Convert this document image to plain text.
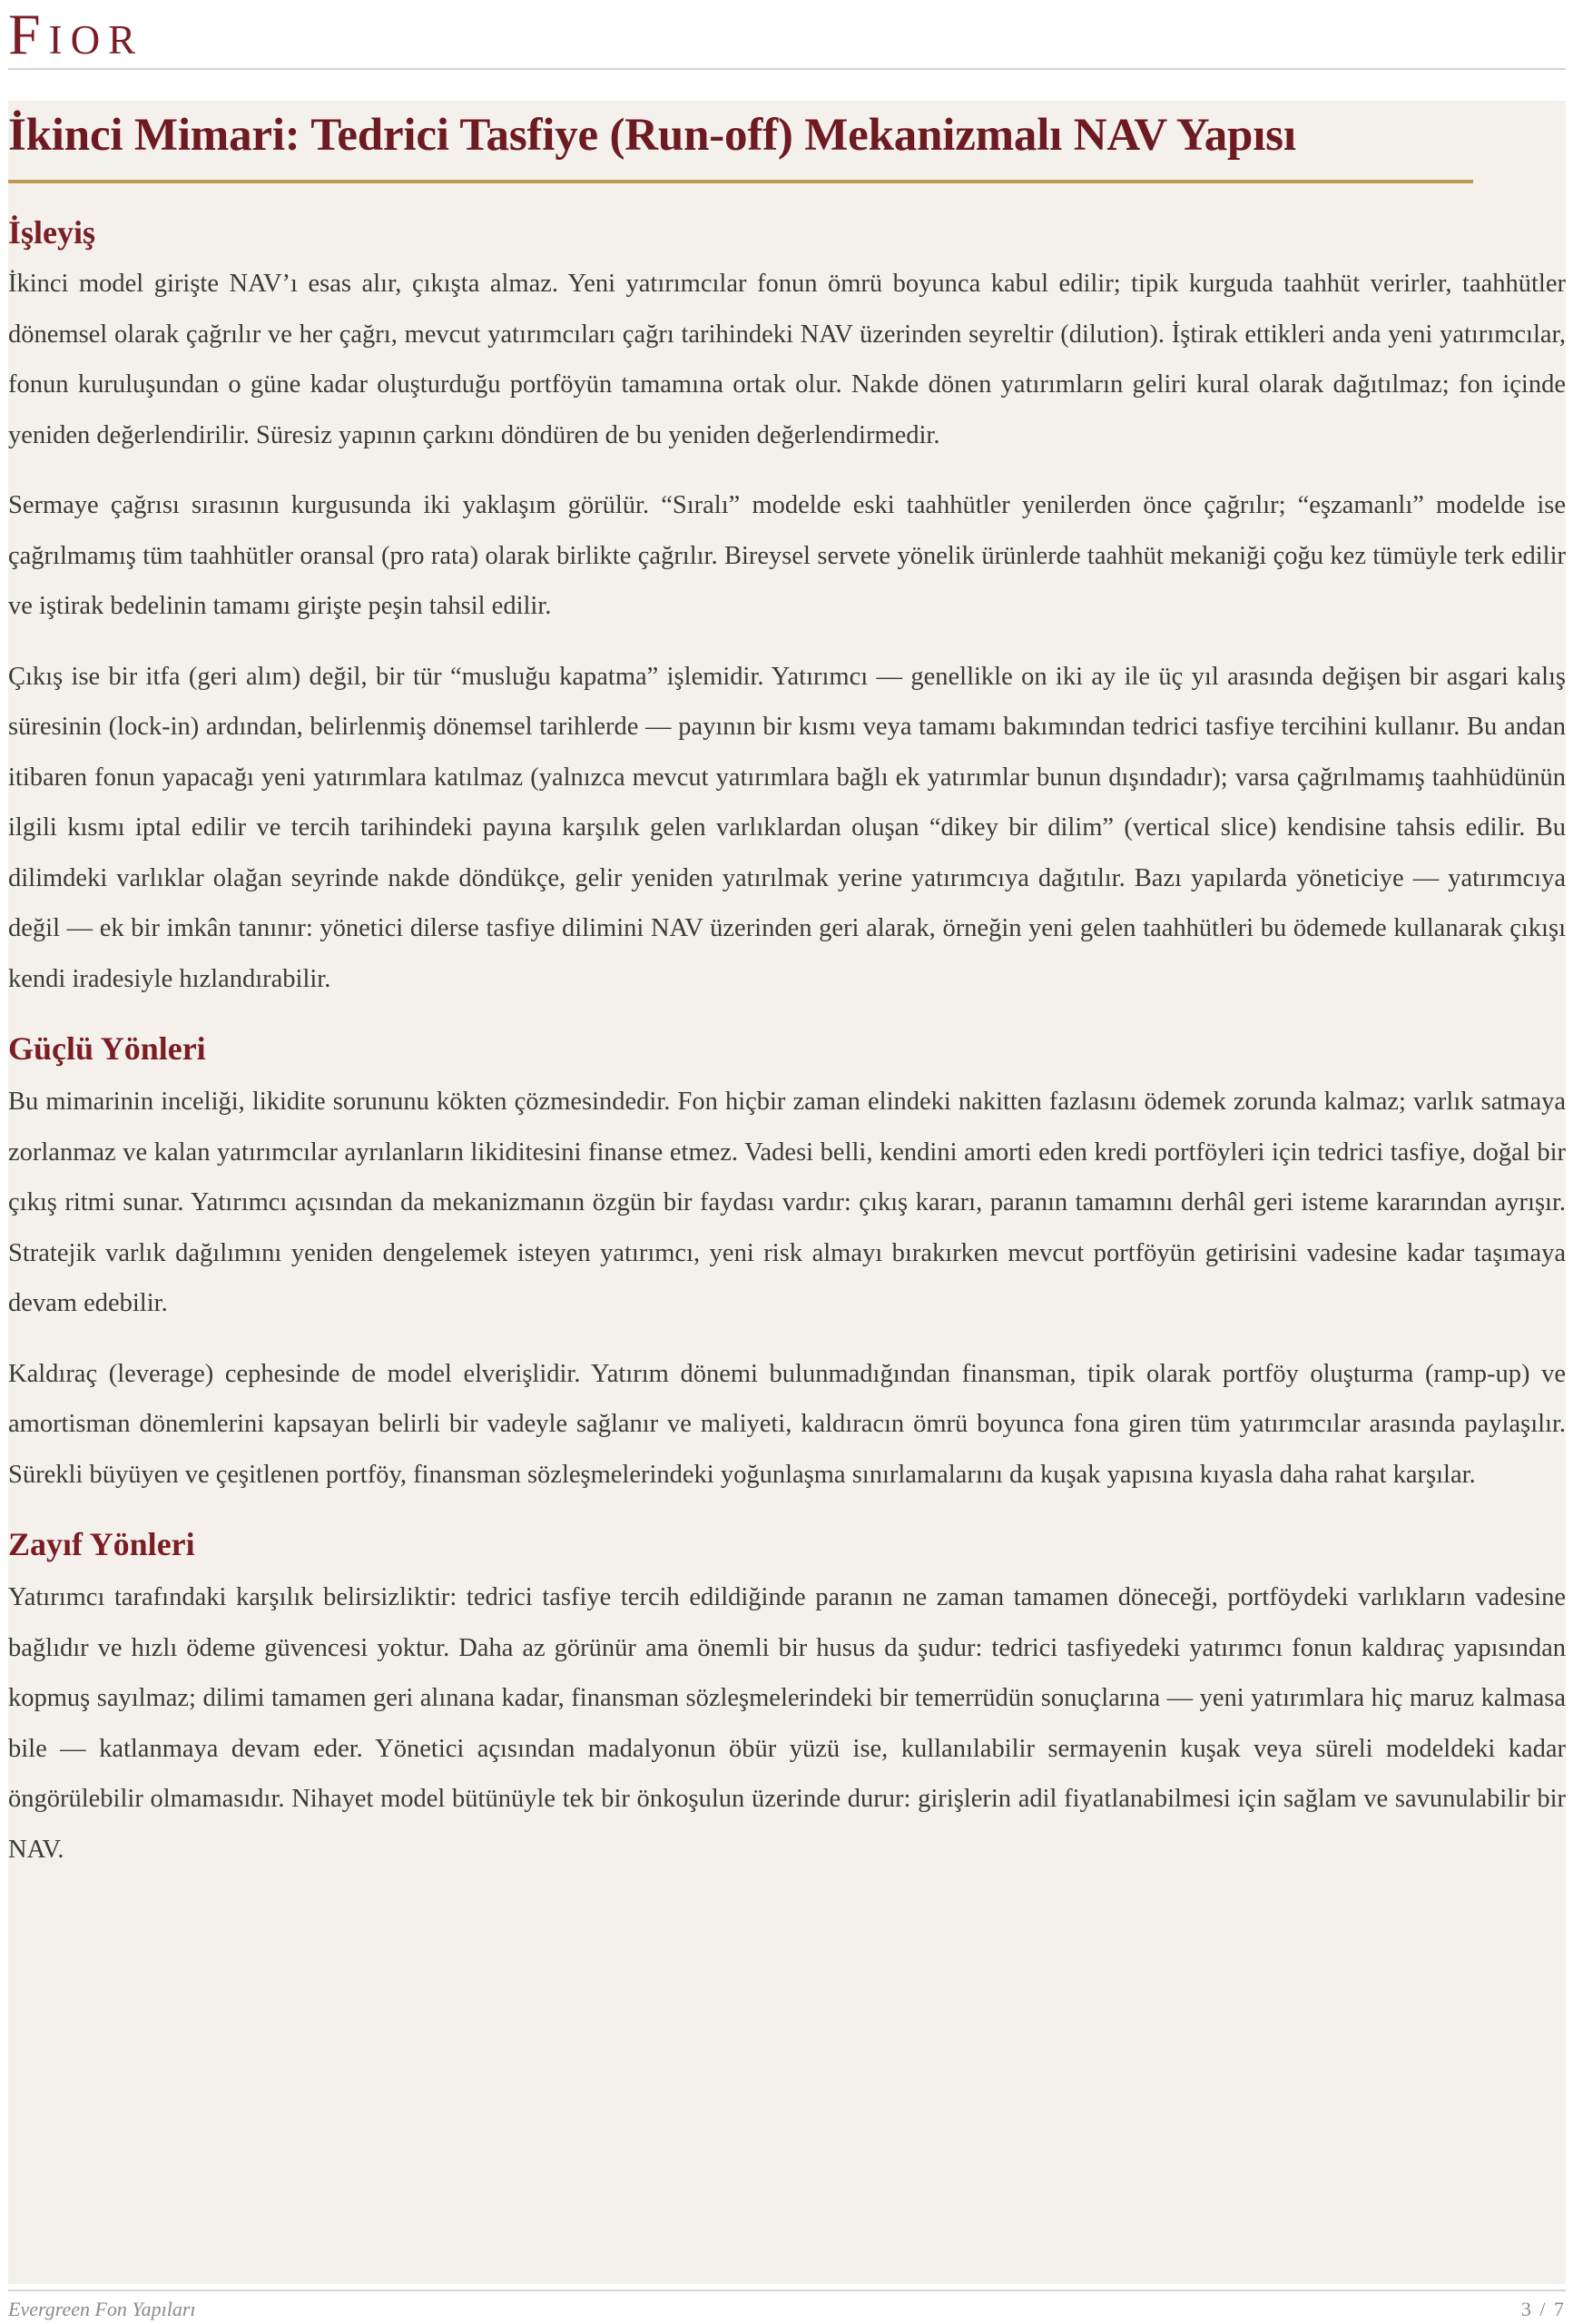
Fior
İkinci Mimari: Tedrici Tasfiye (Run-off) Mekanizmalı NAV Yapısı
İşleyiş

İkinci model girişte NAV’ı esas alır, çıkışta almaz. Yeni yatırımcılar fonun ömrü boyunca kabul edilir; tipik kurguda taahhüt verirler, taahhütler dönemsel olarak çağrılır ve her çağrı, mevcut yatırımcıları çağrı tarihindeki NAV üzerinden seyreltir (dilution). İştirak ettikleri anda yeni yatırımcılar, fonun kuruluşundan o güne kadar oluşturduğu portföyün tamamına ortak olur. Nakde dönen yatırımların geliri kural olarak dağıtılmaz; fon içinde yeniden değerlendirilir. Süresiz yapının çarkını döndüren de bu yeniden değerlendirmedir.

Sermaye çağrısı sırasının kurgusunda iki yaklaşım görülür. “Sıralı” modelde eski taahhütler yenilerden önce çağrılır; “eşzamanlı” modelde ise çağrılmamış tüm taahhütler oransal (pro rata) olarak birlikte çağrılır. Bireysel servete yönelik ürünlerde taahhüt mekaniği çoğu kez tümüyle terk edilir ve iştirak bedelinin tamamı girişte peşin tahsil edilir.

Çıkış ise bir itfa (geri alım) değil, bir tür “musluğu kapatma” işlemidir. Yatırımcı — genellikle on iki ay ile üç yıl arasında değişen bir asgari kalış süresinin (lock-in) ardından, belirlenmiş dönemsel tarihlerde — payının bir kısmı veya tamamı bakımından tedrici tasfiye tercihini kullanır. Bu andan itibaren fonun yapacağı yeni yatırımlara katılmaz (yalnızca mevcut yatırımlara bağlı ek yatırımlar bunun dışındadır); varsa çağrılmamış taahhüdünün ilgili kısmı iptal edilir ve tercih tarihindeki payına karşılık gelen varlıklardan oluşan “dikey bir dilim” (vertical slice) kendisine tahsis edilir. Bu dilimdeki varlıklar olağan seyrinde nakde döndükçe, gelir yeniden yatırılmak yerine yatırımcıya dağıtılır. Bazı yapılarda yöneticiye — yatırımcıya değil — ek bir imkân tanınır: yönetici dilerse tasfiye dilimini NAV üzerinden geri alarak, örneğin yeni gelen taahhütleri bu ödemede kullanarak çıkışı kendi iradesiyle hızlandırabilir.

Güçlü Yönleri

Bu mimarinin inceliği, likidite sorununu kökten çözmesindedir. Fon hiçbir zaman elindeki nakitten fazlasını ödemek zorunda kalmaz; varlık satmaya zorlanmaz ve kalan yatırımcılar ayrılanların likiditesini finanse etmez. Vadesi belli, kendini amorti eden kredi portföyleri için tedrici tasfiye, doğal bir çıkış ritmi sunar. Yatırımcı açısından da mekanizmanın özgün bir faydası vardır: çıkış kararı, paranın tamamını derhâl geri isteme kararından ayrışır. Stratejik varlık dağılımını yeniden dengelemek isteyen yatırımcı, yeni risk almayı bırakırken mevcut portföyün getirisini vadesine kadar taşımaya devam edebilir.

Kaldıraç (leverage) cephesinde de model elverişlidir. Yatırım dönemi bulunmadığından finansman, tipik olarak portföy oluşturma (ramp-up) ve amortisman dönemlerini kapsayan belirli bir vadeyle sağlanır ve maliyeti, kaldıracın ömrü boyunca fona giren tüm yatırımcılar arasında paylaşılır. Sürekli büyüyen ve çeşitlenen portföy, finansman sözleşmelerindeki yoğunlaşma sınırlamalarını da kuşak yapısına kıyasla daha rahat karşılar.

Zayıf Yönleri

Yatırımcı tarafındaki karşılık belirsizliktir: tedrici tasfiye tercih edildiğinde paranın ne zaman tamamen döneceği, portföydeki varlıkların vadesine bağlıdır ve hızlı ödeme güvencesi yoktur. Daha az görünür ama önemli bir husus da şudur: tedrici tasfiyedeki yatırımcı fonun kaldıraç yapısından kopmuş sayılmaz; dilimi tamamen geri alınana kadar, finansman sözleşmelerindeki bir temerrüdün sonuçlarına — yeni yatırımlara hiç maruz kalmasa bile — katlanmaya devam eder. Yönetici açısından madalyonun öbür yüzü ise, kullanılabilir sermayenin kuşak veya süreli modeldeki kadar öngörülebilir olmamasıdır. Nihayet model bütünüyle tek bir önkoşulun üzerinde durur: girişlerin adil fiyatlanabilmesi için sağlam ve savunulabilir bir NAV.

Evergreen Fon Yapıları	3 / 7
